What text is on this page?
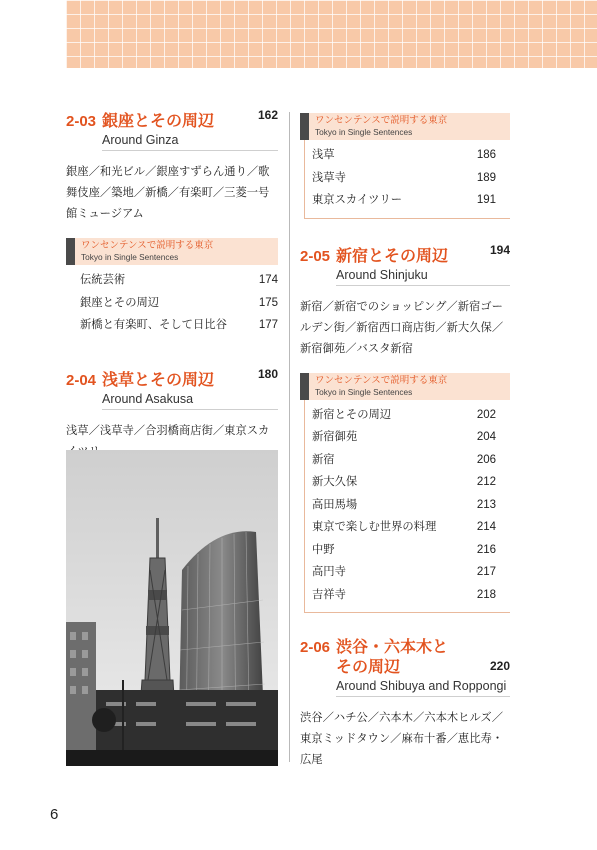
2-03 銀座とその周辺	162
Around Ginza
銀座／和光ビル／銀座すずらん通り／歌舞伎座／築地／新橋／有楽町／三菱一号館ミュージアム
ワンセンテンスで説明する東京
Tokyo in Single Sentences
伝統芸術	174
銀座とその周辺	175
新橋と有楽町、そして日比谷	177
2-04 浅草とその周辺	180
Around Asakusa
浅草／浅草寺／合羽橋商店街／東京スカ
ワンセンテンスで説明する東京
Tokyo in Single Sentences
浅草	186
浅草寺	189
東京スカイツリー	191
2-05 新宿とその周辺	194
Around Shinjuku
新宿／新宿でのショッピング／新宿ゴールデン街／新宿西口商店街／新大久保／新宿御苑／バスタ新宿
ワンセンテンスで説明する東京
Tokyo in Single Sentences
新宿とその周辺	202
新宿御苑	204
新宿	206
新大久保	212
高田馬場	213
東京で楽しむ世界の料理	214
中野	216
高円寺	217
吉祥寺	218
2-06 渋谷・六本木と
その周辺	220
Around Shibuya and Roppongi
渋谷／ハチ公／六本木／六本木ヒルズ／東京ミッドタウン／麻布十番／恵比寿・広尾
6
